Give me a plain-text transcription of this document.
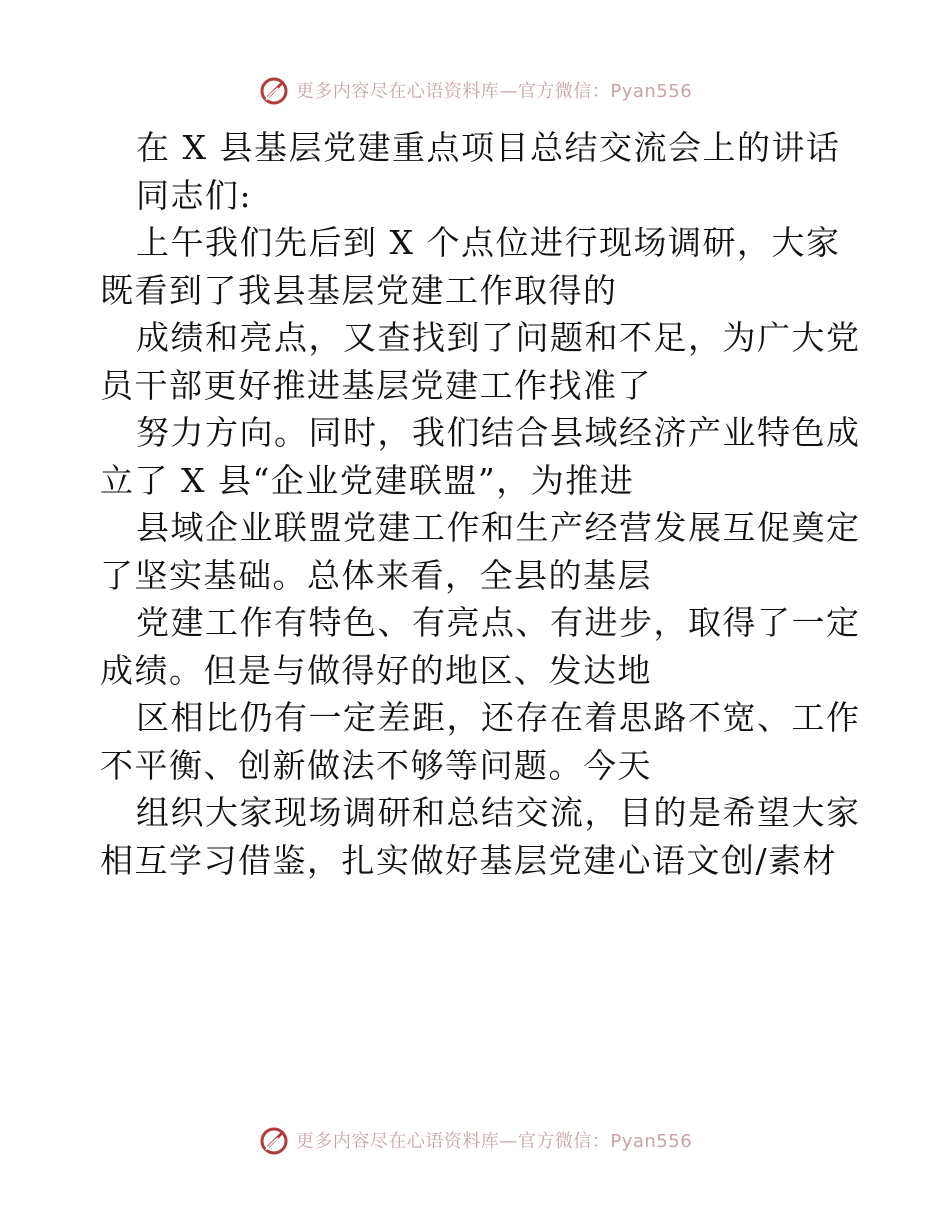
更多内容尽在心语资料库—官方微信：Pyan556
在 X 县基层党建重点项目总结交流会上的讲话
同志们:
上午我们先后到 X 个点位进行现场调研，大家
既看到了我县基层党建工作取得的
成绩和亮点，又查找到了问题和不足，为广大党
员干部更好推进基层党建工作找准了
努力方向。同时，我们结合县域经济产业特色成
立了 X 县“企业党建联盟”，为推进
县域企业联盟党建工作和生产经营发展互促奠定
了坚实基础。总体来看，全县的基层
党建工作有特色、有亮点、有进步，取得了一定
成绩。但是与做得好的地区、发达地
区相比仍有一定差距，还存在着思路不宽、工作
不平衡、创新做法不够等问题。今天
组织大家现场调研和总结交流，目的是希望大家
相互学习借鉴，扎实做好基层党建心语文创/素材
更多内容尽在心语资料库—官方微信：Pyan556
